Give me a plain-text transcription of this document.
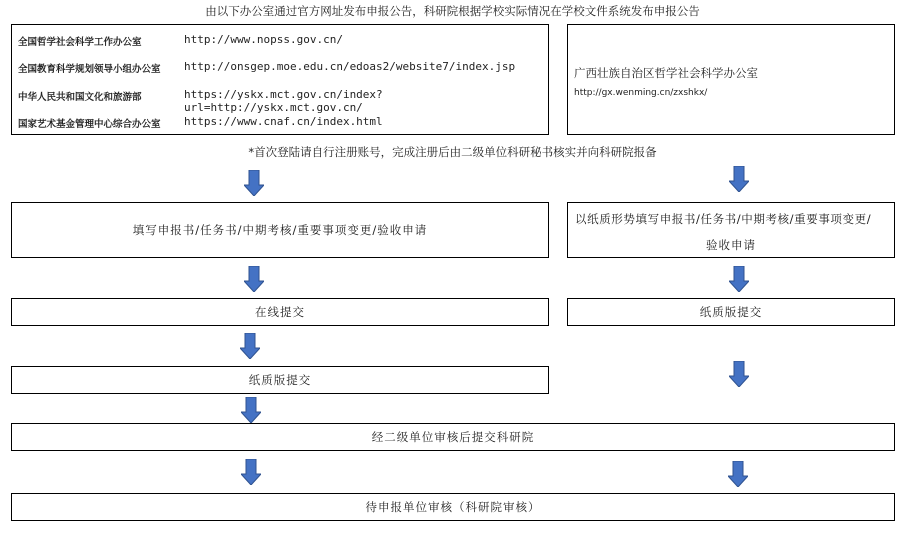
由以下办公室通过官方网址发布申报公告，科研院根据学校实际情况在学校文件系统发布申报公告
全国哲学社会科学工作办公室	http://www.nopss.gov.cn/
全国教育科学规划领导小组办公室 http://onsgep.moe.edu.cn/edoas2/website7/index.jsp
中华人民共和国文化和旅游部	https://yskx.mct.gov.cn/index?url=http://yskx.mct.gov.cn/
国家艺术基金管理中心综合办公室 https://www.cnaf.cn/index.html
广西壮族自治区哲学社会科学办公室
http://gx.wenming.cn/zxshkx/
*首次登陆请自行注册账号，完成注册后由二级单位科研秘书核实并向科研院报备
填写申报书/任务书/中期考核/重要事项变更/验收申请
以纸质形势填写申报书/任务书/中期考核/重要事项变更/
验收申请
在线提交	纸质版提交
纸质版提交
经二级单位审核后提交科研院
待申报单位审核（科研院审核）
